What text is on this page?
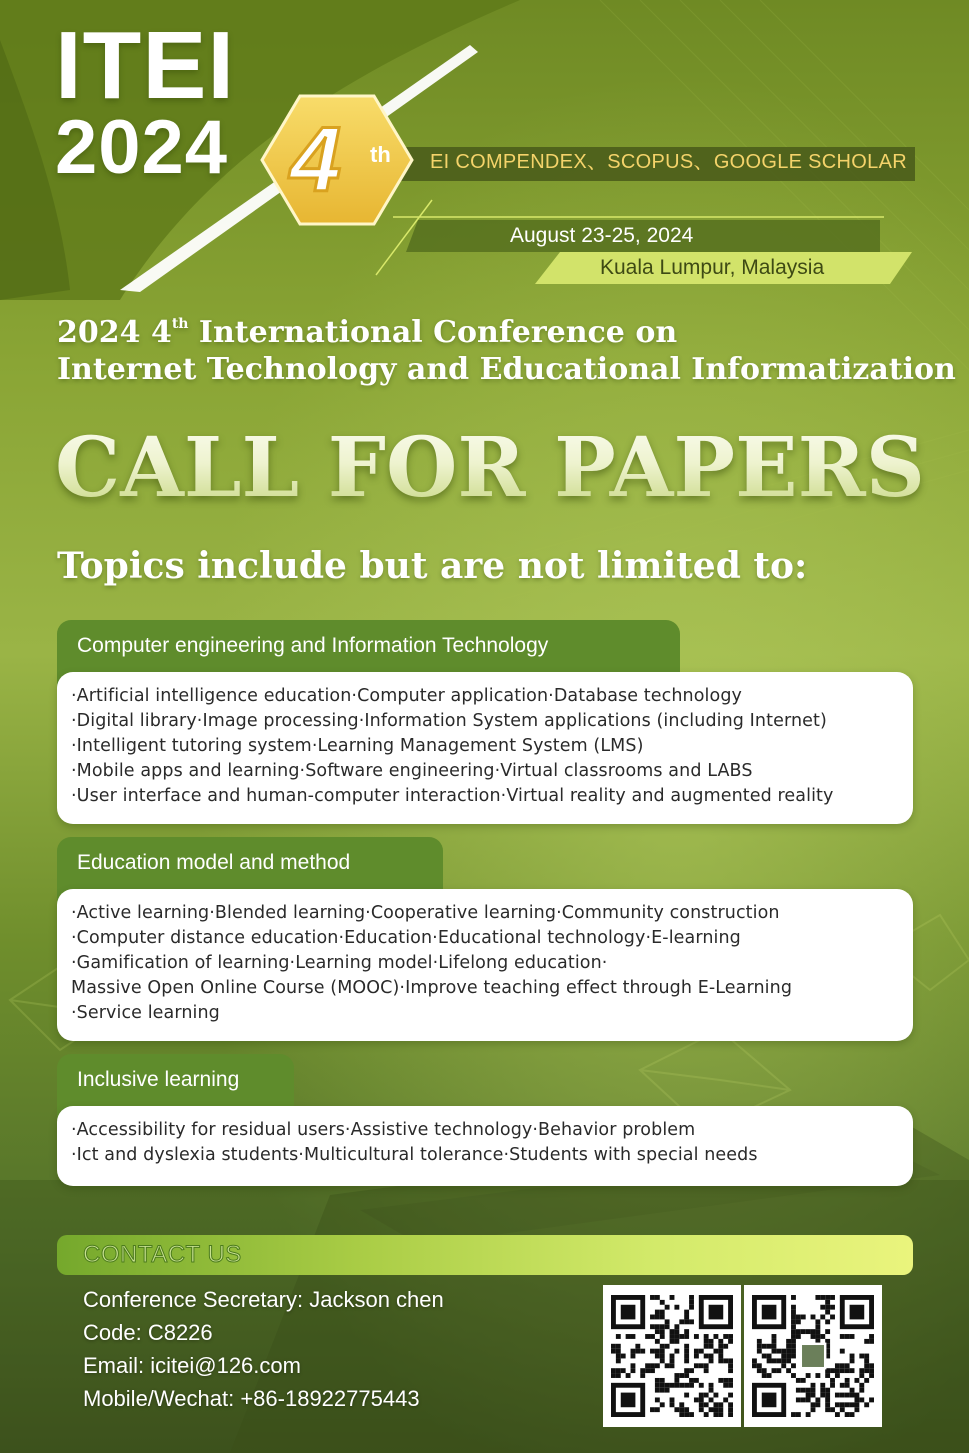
ITEI
2024 4 th EI COMPENDEX、SCOPUS、GOOGLE SCHOLAR
August 23-25, 2024
Kuala Lumpur, Malaysia
2024 4th International Conference on
Internet Technology and Educational Informatization
CALL FOR PAPERS
Topics include but are not limited to:
Computer engineering and Information Technology
·Artificial intelligence education·Computer application·Database technology
·Digital library·Image processing·Information System applications (including Internet)
·Intelligent tutoring system·Learning Management System (LMS)
·Mobile apps and learning·Software engineering·Virtual classrooms and LABS
·User interface and human-computer interaction·Virtual reality and augmented reality
Education model and method
·Active learning·Blended learning·Cooperative learning·Community construction
·Computer distance education·Education·Educational technology·E-learning
·Gamification of learning·Learning model·Lifelong education·
Massive Open Online Course (MOOC)·Improve teaching effect through E-Learning
·Service learning
Inclusive learning
·Accessibility for residual users·Assistive technology·Behavior problem
·Ict and dyslexia students·Multicultural tolerance·Students with special needs
CONTACT US
Conference Secretary: Jackson chen
Code: C8226
Email: icitei@126.com
Mobile/Wechat: +86-18922775443
